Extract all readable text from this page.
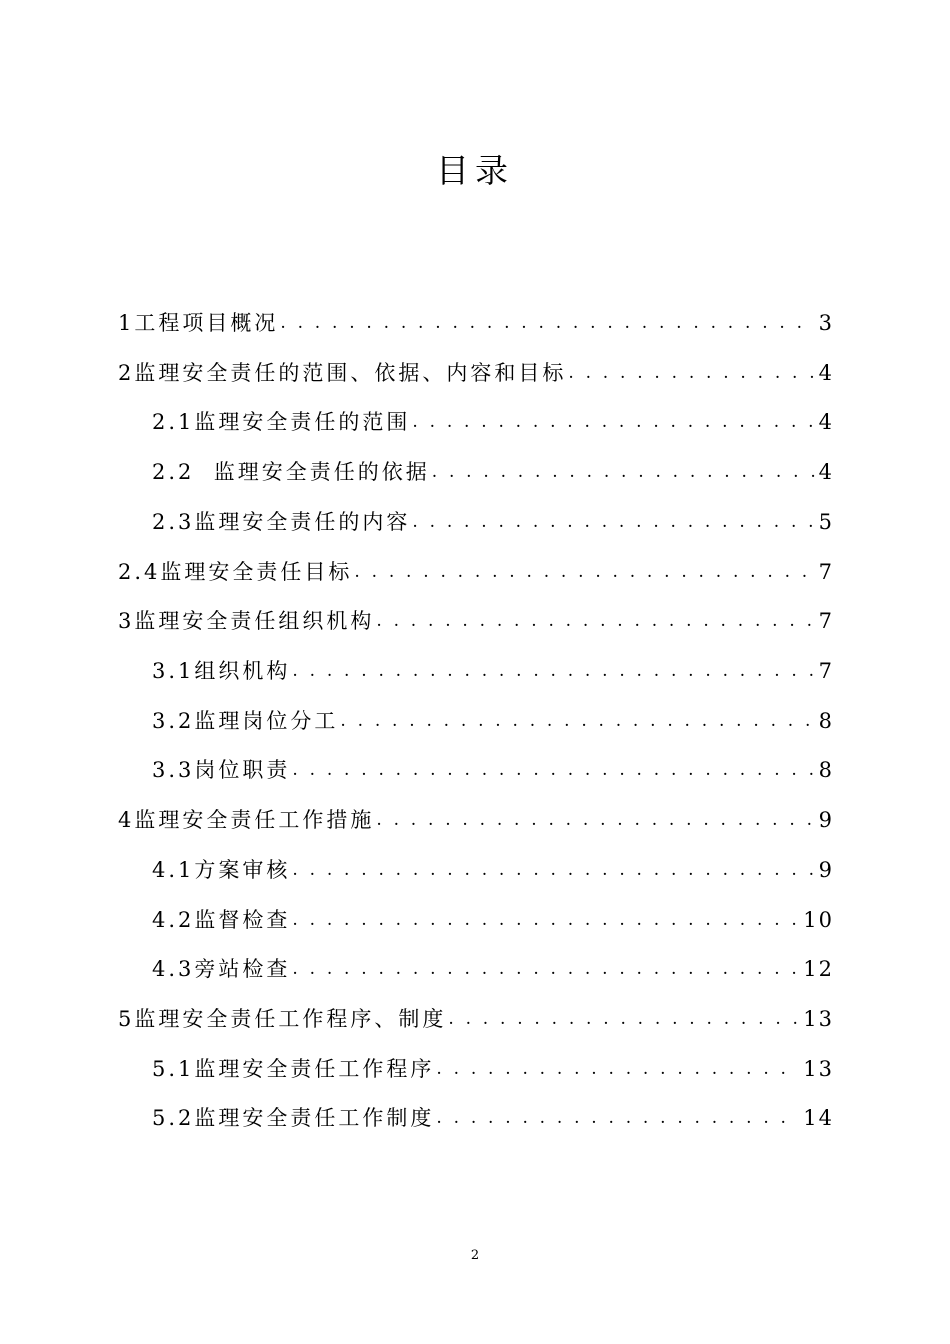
目录
1工程项目概况 . . .	3
2监理安全责任的范围、依据、内容和目标 . . .	4
2.1监理安全责任的范围 . . .	4
2.2  监理安全责任的依据 . . .	4
2.3监理安全责任的内容 . . .	5
2.4监理安全责任目标 . . .	7
3监理安全责任组织机构 . . .	7
3.1组织机构 . . .	7
3.2监理岗位分工 . . .	8
3.3岗位职责 . . .	8
4监理安全责任工作措施 . . .	9
4.1方案审核 . . .	9
4.2监督检查 . . .	10
4.3旁站检查 . . .	12
5监理安全责任工作程序、制度 . . .	13
5.1监理安全责任工作程序 . . .	13
5.2监理安全责任工作制度 . . .	14
2
